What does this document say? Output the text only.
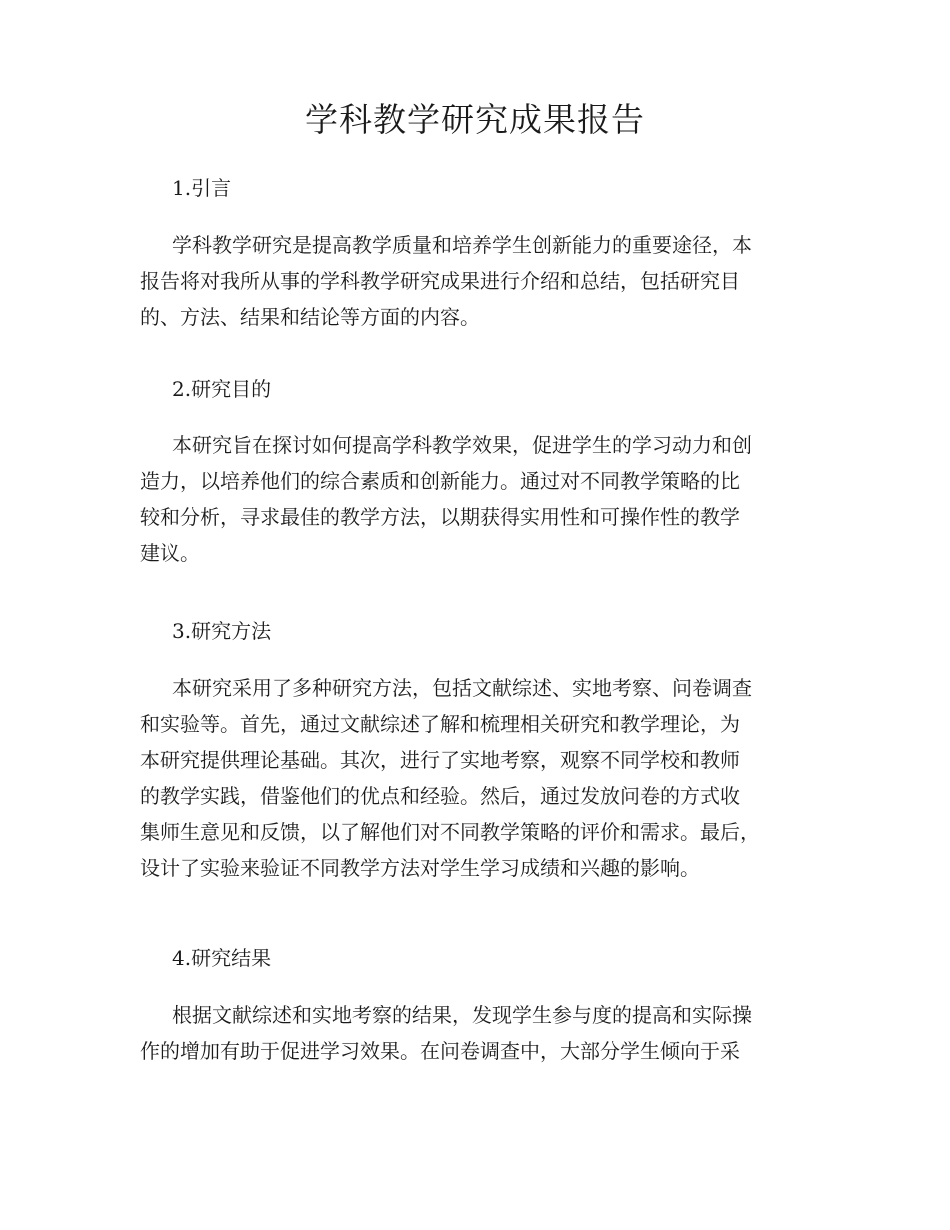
学科教学研究成果报告
1.引言
学科教学研究是提高教学质量和培养学生创新能力的重要途径，本
报告将对我所从事的学科教学研究成果进行介绍和总结，包括研究目
的、方法、结果和结论等方面的内容。
2.研究目的
本研究旨在探讨如何提高学科教学效果，促进学生的学习动力和创
造力，以培养他们的综合素质和创新能力。通过对不同教学策略的比
较和分析，寻求最佳的教学方法，以期获得实用性和可操作性的教学
建议。
3.研究方法
本研究采用了多种研究方法，包括文献综述、实地考察、问卷调查
和实验等。首先，通过文献综述了解和梳理相关研究和教学理论，为
本研究提供理论基础。其次，进行了实地考察，观察不同学校和教师
的教学实践，借鉴他们的优点和经验。然后，通过发放问卷的方式收
集师生意见和反馈，以了解他们对不同教学策略的评价和需求。最后，
设计了实验来验证不同教学方法对学生学习成绩和兴趣的影响。
4.研究结果
根据文献综述和实地考察的结果，发现学生参与度的提高和实际操
作的增加有助于促进学习效果。在问卷调查中，大部分学生倾向于采
